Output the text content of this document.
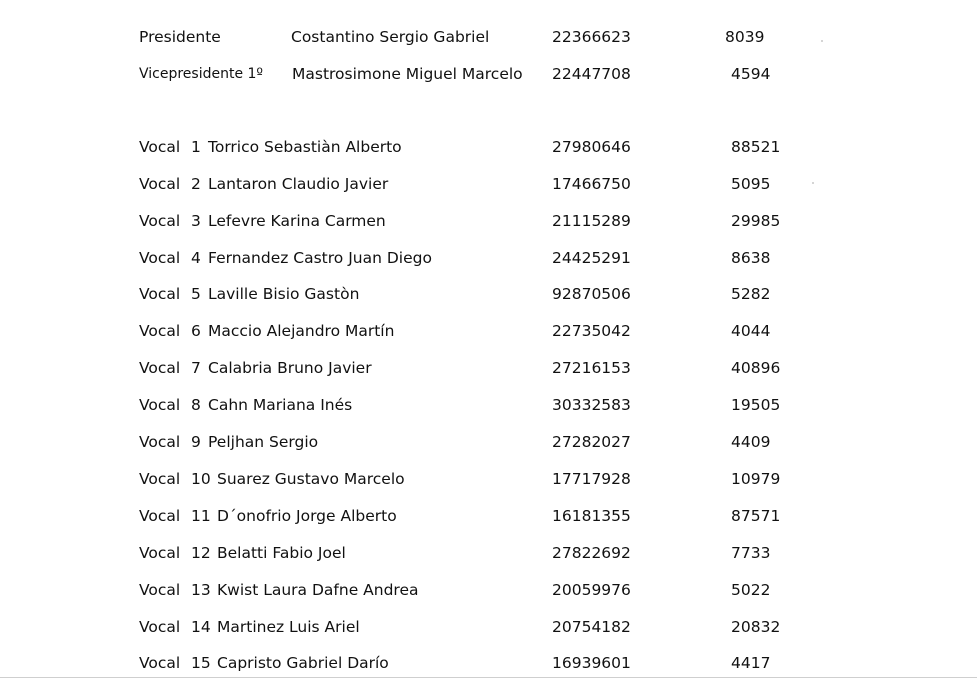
Presidente	Costantino Sergio Gabriel	22366623	8039
Vicepresidente 1º Mastrosimone Miguel Marcelo 22447708	4594
Vocal 1 Torrico Sebastiàn Alberto	27980646	88521
Vocal 2 Lantaron Claudio Javier	17466750	5095
Vocal 3 Lefevre Karina Carmen	21115289	29985
Vocal 4 Fernandez Castro Juan Diego	24425291	8638
Vocal 5 Laville Bisio Gastòn	92870506	5282
Vocal 6 Maccio Alejandro Martín	22735042	4044
Vocal 7 Calabria Bruno Javier	27216153	40896
Vocal 8 Cahn Mariana Inés	30332583	19505
Vocal 9 Peljhan Sergio	27282027	4409
Vocal 10 Suarez Gustavo Marcelo	17717928	10979
Vocal 11 D´onofrio Jorge Alberto	16181355	87571
Vocal 12 Belatti Fabio Joel	27822692	7733
Vocal 13 Kwist Laura Dafne Andrea	20059976	5022
Vocal 14 Martinez Luis Ariel	20754182	20832
Vocal 15 Capristo Gabriel Darío	16939601	4417
